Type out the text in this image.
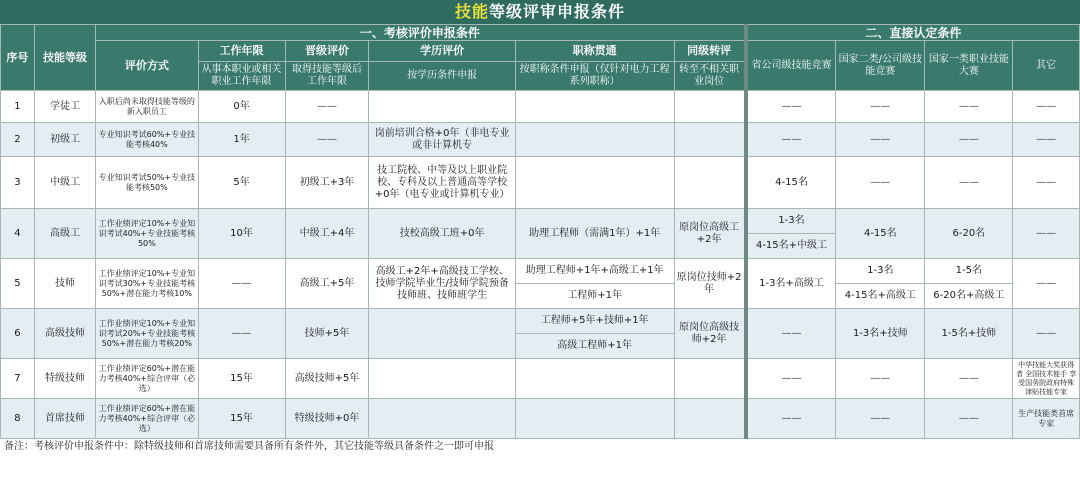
技能等级评审申报条件
序号	技能等级	一、考核评价申报条件						二、直接认定条件			
		评价方式	工作年限	晋级评价	学历评价	职称贯通	同级转评	省公司级技能竞赛	国家二类/公司级技能竞赛	国家一类职业技能大赛	其它
			从事本职业或相关职业工作年限	取得技能等级后工作年限	按学历条件申报	按职称条件申报（仅针对电力工程系列职称）	转至不相关职业岗位				
1	学徒工	入职后尚未取得技能等级的新入职员工	0年	——				——	——	——	——
2	初级工	专业知识考试60%+专业技能考核40%	1年	——	岗前培训合格+0年（非电专业或非计算机专			——	——	——	——
3	中级工	专业知识考试50%+专业技能考核50%	5年	初级工+3年	技工院校、中等及以上职业院校、专科及以上普通高等学校+0年（电专业或计算机专业）			4-15名	——	——	——
4	高级工	工作业绩评定10%+专业知识考试40%+专业技能考核50%	10年	中级工+4年	技校高级工班+0年	助理工程师（需满1年）+1年	原岗位高级工+2年	1-3名	4-15名	6-20名	——
								4-15名+中级工			
5	技师	工作业绩评定10%+专业知识考试30%+专业技能考核50%+潜在能力考核10%	——	高级工+5年	高级工+2年+高级技工学校、技师学院毕业生/技师学院预备技师班、技师班学生	助理工程师+1年+高级工+1年	原岗位技师+2年	1-3名+高级工	1-3名	1-5名	——
						工程师+1年			4-15名+高级工	6-20名+高级工	
6	高级技师	工作业绩评定10%+专业知识考试20%+专业技能考核50%+潜在能力考核20%	——	技师+5年		工程师+5年+技师+1年	原岗位高级技师+2年	——	1-3名+技师	1-5名+技师	——
						高级工程师+1年					
7	特级技师	工作业绩评定60%+潜在能力考核40%+综合评审（必选）	15年	高级技师+5年				——	——	——	中华技能大奖获得者 全国技术能手 享受国务院政府特殊津贴技能专家
8	首席技师	工作业绩评定60%+潜在能力考核40%+综合评审（必选）	15年	特级技师+0年				——	——	——	生产技能类首席专家
备注：考核评价申报条件中：除特级技师和首席技师需要具备所有条件外，其它技能等级具备条件之一即可申报
